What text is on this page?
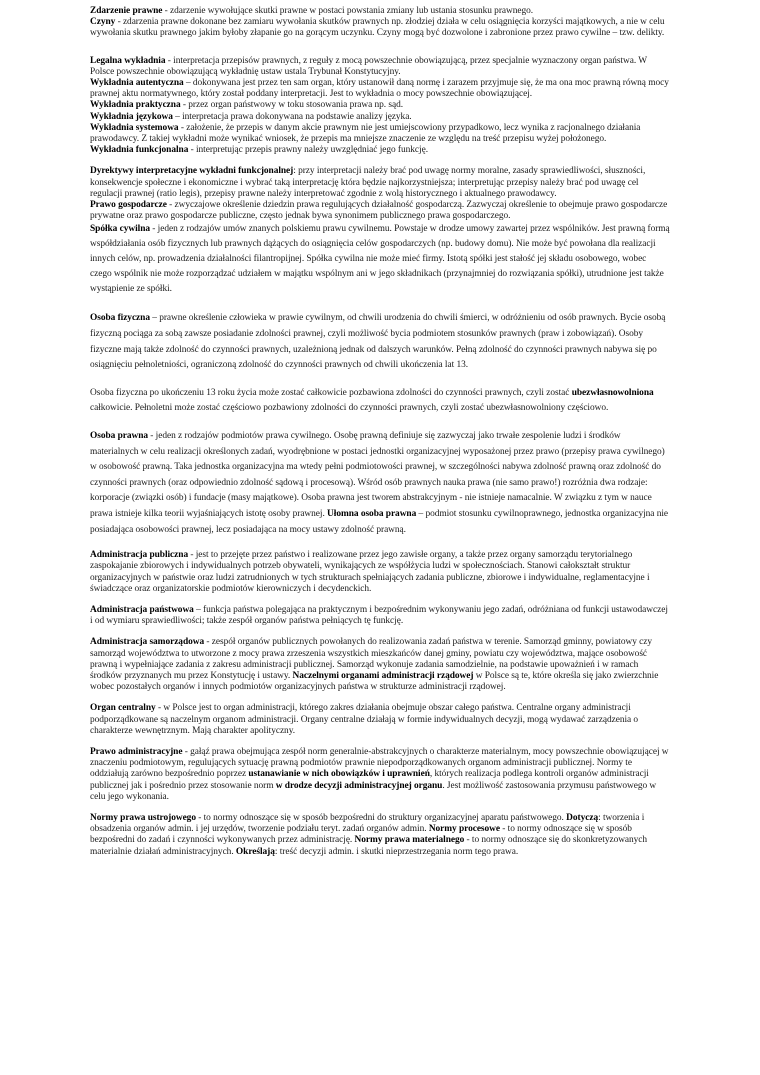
Zdarzenie prawne - zdarzenie wywołujące skutki prawne w postaci powstania zmiany lub ustania stosunku prawnego.

Czyny - zdarzenia prawne dokonane bez zamiaru wywołania skutków prawnych np. złodziej działa w celu osiągnięcia korzyści majątkowych, a nie w celu wywołania skutku prawnego jakim byłoby złapanie go na gorącym uczynku. Czyny mogą być dozwolone i zabronione przez prawo cywilne – tzw. delikty.

Legalna wykładnia - interpretacja przepisów prawnych, z reguły z mocą powszechnie obowiązującą, przez specjalnie wyznaczony organ państwa. W Polsce powszechnie obowiązującą wykładnię ustaw ustala Trybunał Konstytucyjny.

Wykładnia autentyczna – dokonywana jest przez ten sam organ, który ustanowił daną normę i zarazem przyjmuje się, że ma ona moc prawną równą mocy prawnej aktu normatywnego, który został poddany interpretacji. Jest to wykładnia o mocy powszechnie obowiązującej.

Wykładnia praktyczna - przez organ państwowy w toku stosowania prawa np. sąd.

Wykładnia językowa – interpretacja prawa dokonywana na podstawie analizy języka.

Wykładnia systemowa - założenie, że przepis w danym akcie prawnym nie jest umiejscowiony przypadkowo, lecz wynika z racjonalnego działania prawodawcy. Z takiej wykładni może wynikać wniosek, że przepis ma mniejsze znaczenie ze względu na treść przepisu wyżej położonego.

Wykładnia funkcjonalna - interpretując przepis prawny należy uwzględniać jego funkcję.

Dyrektywy interpretacyjne wykładni funkcjonalnej: przy interpretacji należy brać pod uwagę normy moralne, zasady sprawiedliwości, słuszności, konsekwencje społeczne i ekonomiczne i wybrać taką interpretację która będzie najkorzystniejsza; interpretując przepisy należy brać pod uwagę cel regulacji prawnej (ratio legis), przepisy prawne należy interpretować zgodnie z wolą historycznego i aktualnego prawodawcy.

Prawo gospodarcze - zwyczajowe określenie dziedzin prawa regulujących działalność gospodarczą. Zazwyczaj określenie to obejmuje prawo gospodarcze prywatne oraz prawo gospodarcze publiczne, często jednak bywa synonimem publicznego prawa gospodarczego.

Spółka cywilna - jeden z rodzajów umów znanych polskiemu prawu cywilnemu. Powstaje w drodze umowy zawartej przez wspólników. Jest prawną formą współdziałania osób fizycznych lub prawnych dążących do osiągnięcia celów gospodarczych (np. budowy domu). Nie może być powołana dla realizacji innych celów, np. prowadzenia działalności filantropijnej. Spółka cywilna nie może mieć firmy. Istotą spółki jest stałość jej składu osobowego, wobec czego wspólnik nie może rozporządzać udziałem w majątku wspólnym ani w jego składnikach (przynajmniej do rozwiązania spółki), utrudnione jest także wystąpienie ze spółki.

Osoba fizyczna – prawne określenie człowieka w prawie cywilnym, od chwili urodzenia do chwili śmierci, w odróżnieniu od osób prawnych. Bycie osobą fizyczną pociąga za sobą zawsze posiadanie zdolności prawnej, czyli możliwość bycia podmiotem stosunków prawnych (praw i zobowiązań). Osoby fizyczne mają także zdolność do czynności prawnych, uzależnioną jednak od dalszych warunków. Pełną zdolność do czynności prawnych nabywa się po osiągnięciu pełnoletniości, ograniczoną zdolność do czynności prawnych od chwili ukończenia lat 13.

Osoba fizyczna po ukończeniu 13 roku życia może zostać całkowicie pozbawiona zdolności do czynności prawnych, czyli zostać ubezwłasnowolniona całkowicie. Pełnoletni może zostać częściowo pozbawiony zdolności do czynności prawnych, czyli zostać ubezwłasnowolniony częściowo.

Osoba prawna - jeden z rodzajów podmiotów prawa cywilnego. Osobę prawną definiuje się zazwyczaj jako trwałe zespolenie ludzi i środków materialnych w celu realizacji określonych zadań, wyodrębnione w postaci jednostki organizacyjnej wyposażonej przez prawo (przepisy prawa cywilnego) w osobowość prawną. Taka jednostka organizacyjna ma wtedy pełni podmiotowości prawnej, w szczególności nabywa zdolność prawną oraz zdolność do czynności prawnych (oraz odpowiednio zdolność sądową i procesową). Wśród osób prawnych nauka prawa (nie samo prawo!) rozróżnia dwa rodzaje: korporacje (związki osób) i fundacje (masy majątkowe). Osoba prawna jest tworem abstrakcyjnym - nie istnieje namacalnie. W związku z tym w nauce prawa istnieje kilka teorii wyjaśniających istotę osoby prawnej. Ułomna osoba prawna – podmiot stosunku cywilnoprawnego, jednostka organizacyjna nie posiadająca osobowości prawnej, lecz posiadająca na mocy ustawy zdolność prawną.

Administracja publiczna - jest to przejęte przez państwo i realizowane przez jego zawisłe organy, a także przez organy samorządu terytorialnego zaspokajanie zbiorowych i indywidualnych potrzeb obywateli, wynikających ze współżycia ludzi w społecznościach. Stanowi całokształt struktur organizacyjnych w państwie oraz ludzi zatrudnionych w tych strukturach spełniających zadania publiczne, zbiorowe i indywidualne, reglamentacyjne i świadczące oraz organizatorskie podmiotów kierowniczych i decydenckich.

Administracja państwowa – funkcja państwa polegająca na praktycznym i bezpośrednim wykonywaniu jego zadań, odróżniana od funkcji ustawodawczej i od wymiaru sprawiedliwości; także zespół organów państwa pełniących tę funkcję.

Administracja samorządowa - zespół organów publicznych powołanych do realizowania zadań państwa w terenie. Samorząd gminny, powiatowy czy samorząd województwa to utworzone z mocy prawa zrzeszenia wszystkich mieszkańców danej gminy, powiatu czy województwa, mające osobowość prawną i wypełniające zadania z zakresu administracji publicznej. Samorząd wykonuje zadania samodzielnie, na podstawie upoważnień i w ramach środków przyznanych mu przez Konstytucję i ustawy. Naczelnymi organami administracji rządowej w Polsce są te, które określa się jako zwierzchnie wobec pozostałych organów i innych podmiotów organizacyjnych państwa w strukturze administracji rządowej.

Organ centralny - w Polsce jest to organ administracji, którego zakres działania obejmuje obszar całego państwa. Centralne organy administracji podporządkowane są naczelnym organom administracji. Organy centralne działają w formie indywidualnych decyzji, mogą wydawać zarządzenia o charakterze wewnętrznym. Mają charakter apolityczny.

Prawo administracyjne - gałąź prawa obejmująca zespół norm generalnie-abstrakcyjnych o charakterze materialnym, mocy powszechnie obowiązującej w znaczeniu podmiotowym, regulujących sytuację prawną podmiotów prawnie niepodporządkowanych organom administracji publicznej. Normy te oddziałują zarówno bezpośrednio poprzez ustanawianie w nich obowiązków i uprawnień, których realizacja podlega kontroli organów administracji publicznej jak i pośrednio przez stosowanie norm w drodze decyzji administracyjnej organu. Jest możliwość zastosowania przymusu państwowego w celu jego wykonania.

Normy prawa ustrojowego - to normy odnoszące się w sposób bezpośredni do struktury organizacyjnej aparatu państwowego. Dotyczą: tworzenia i obsadzenia organów admin. i jej urzędów, tworzenie podziału teryt. zadań organów admin. Normy procesowe - to normy odnoszące się w sposób bezpośredni do zadań i czynności wykonywanych przez administrację. Normy prawa materialnego - to normy odnoszące się do skonkretyzowanych materialnie działań administracyjnych. Określają: treść decyzji admin. i skutki nieprzestrzegania norm tego prawa.
